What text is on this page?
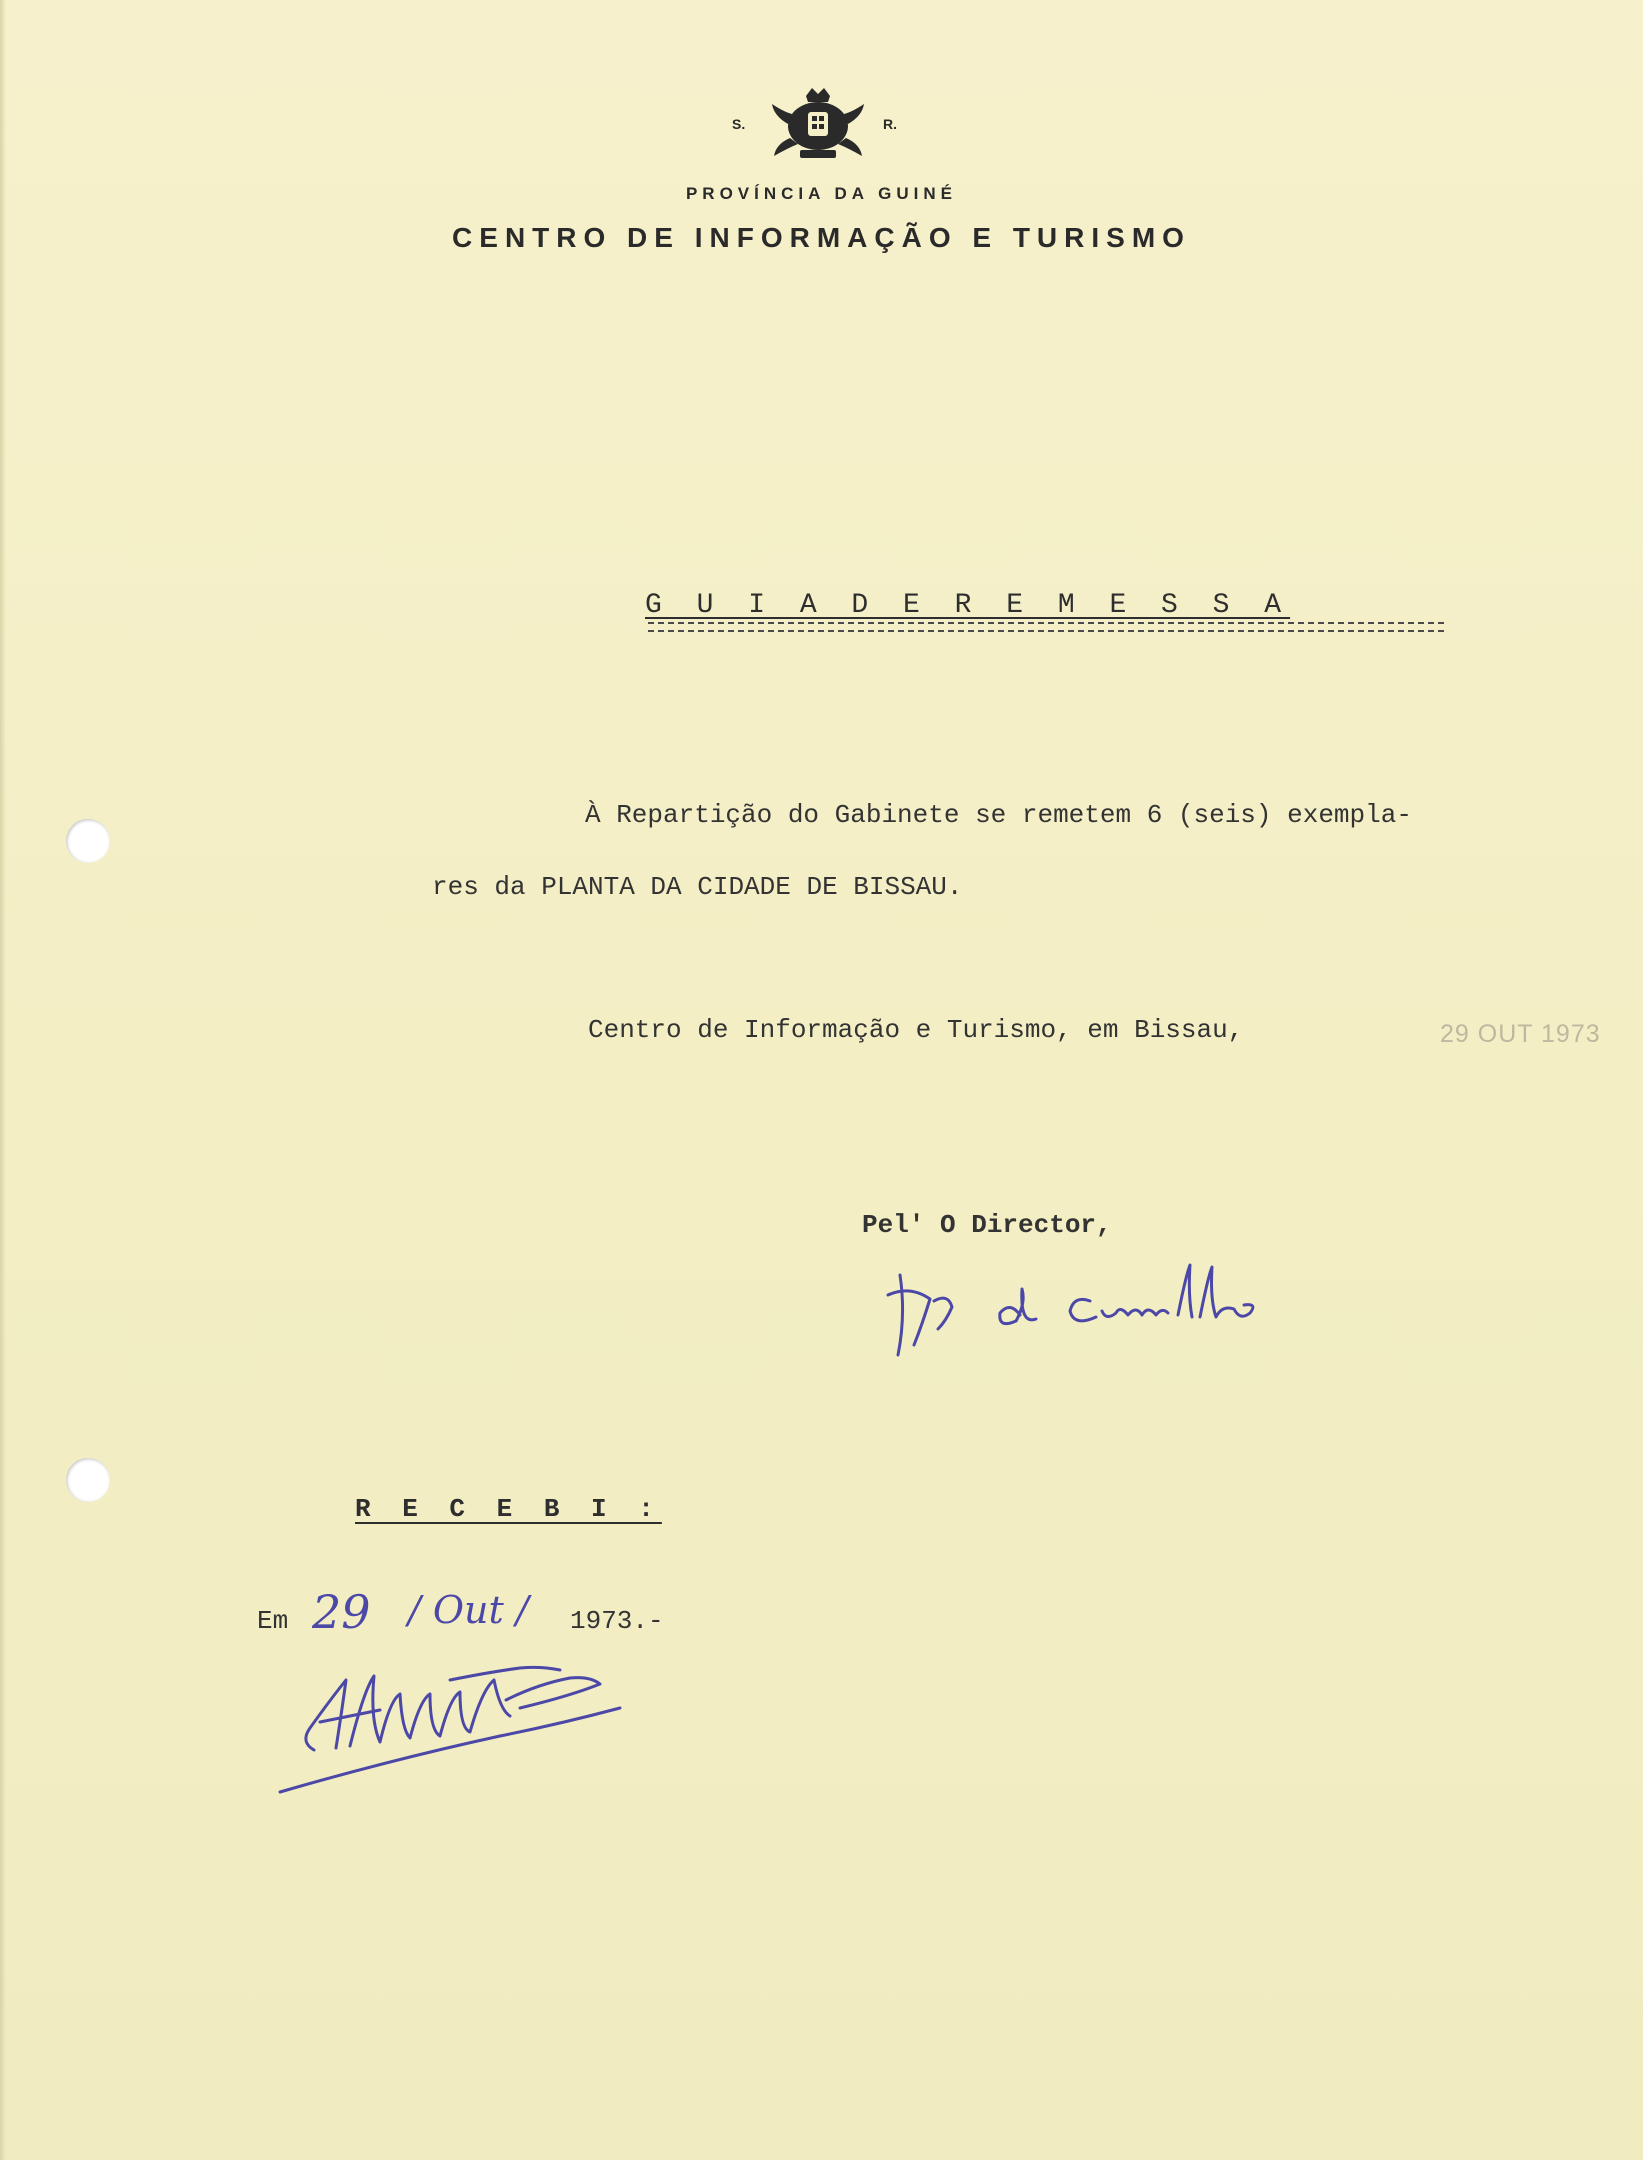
S.	R.
PROVÍNCIA DA GUINÉ
CENTRO DE INFORMAÇÃO E TURISMO
G U I A D E R E M E S S A
À Repartição do Gabinete se remetem 6 (seis) exempla-
res da PLANTA DA CIDADE DE BISSAU.
Centro de Informação e Turismo, em Bissau,	29 OUT 1973
Pel' O Director,
R E C E B I :
Em 29 / Out / 1973.-
